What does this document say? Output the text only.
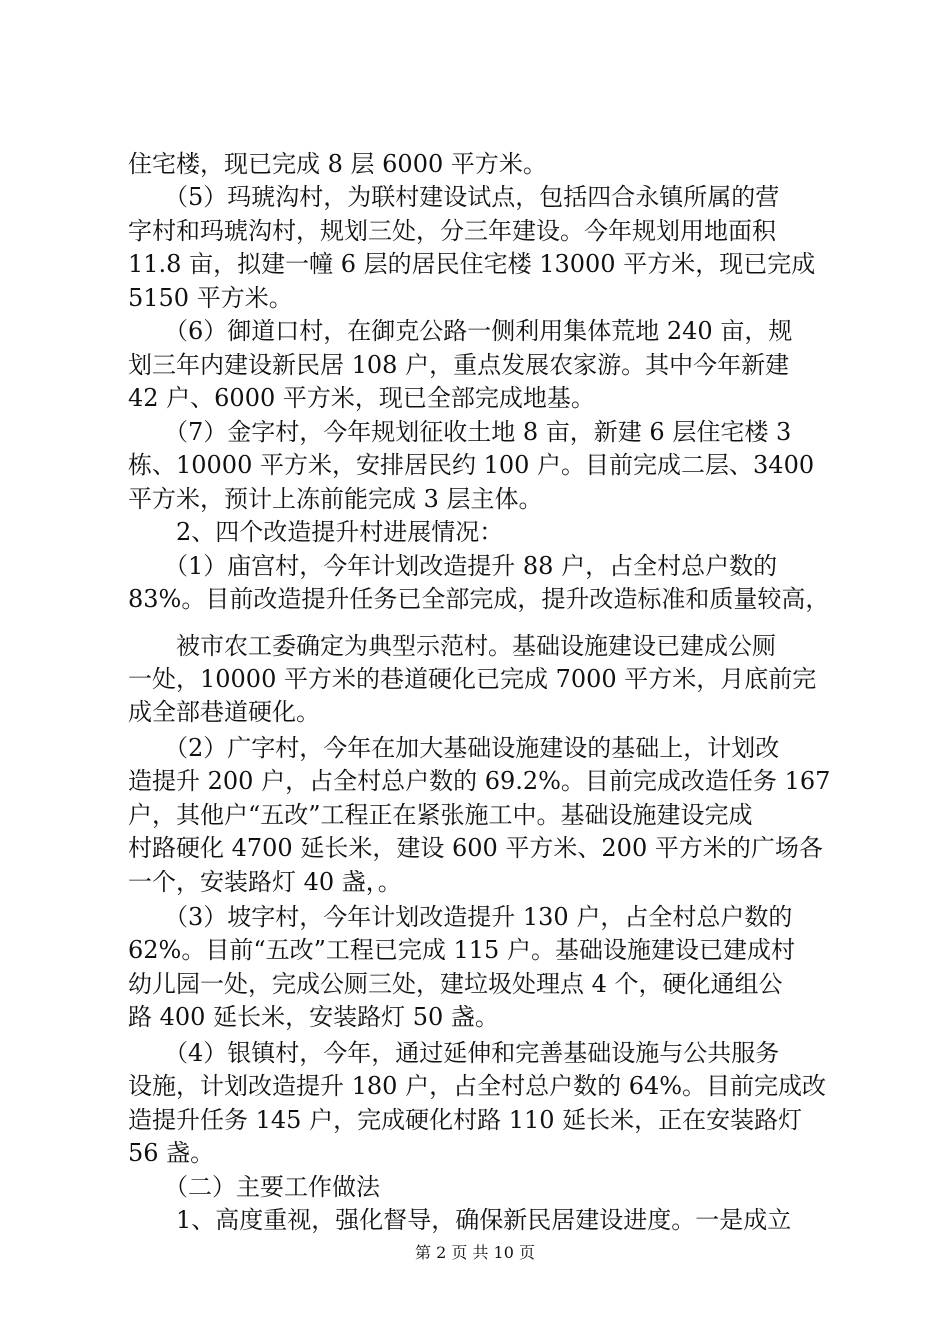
住宅楼，现已完成 8 层 6000 平方米。
　　（5）玛琥沟村，为联村建设试点，包括四合永镇所属的营
字村和玛琥沟村，规划三处，分三年建设。今年规划用地面积
11.8 亩，拟建一幢 6 层的居民住宅楼 13000 平方米，现已完成
5150 平方米。
　　（6）御道口村，在御克公路一侧利用集体荒地 240 亩，规
划三年内建设新民居 108 户，重点发展农家游。其中今年新建
42 户、6000 平方米，现已全部完成地基。
　　（7）金字村，今年规划征收土地 8 亩，新建 6 层住宅楼 3
栋、10000 平方米，安排居民约 100 户。目前完成二层、3400
平方米，预计上冻前能完成 3 层主体。
　　2、四个改造提升村进展情况：
　　（1）庙宫村，今年计划改造提升 88 户，占全村总户数的
83%。目前改造提升任务已全部完成，提升改造标准和质量较高，
　　被市农工委确定为典型示范村。基础设施建设已建成公厕
一处，10000 平方米的巷道硬化已完成 7000 平方米，月底前完
成全部巷道硬化。
　　（2）广字村，今年在加大基础设施建设的基础上，计划改
造提升 200 户，占全村总户数的 69.2%。目前完成改造任务 167
户，其他户“五改”工程正在紧张施工中。基础设施建设完成
村路硬化 4700 延长米，建设 600 平方米、200 平方米的广场各
一个，安装路灯 40 盏，。
　　（3）坡字村，今年计划改造提升 130 户，占全村总户数的
62%。目前“五改”工程已完成 115 户。基础设施建设已建成村
幼儿园一处，完成公厕三处，建垃圾处理点 4 个，硬化通组公
路 400 延长米，安装路灯 50 盏。
　　（4）银镇村，今年，通过延伸和完善基础设施与公共服务
设施，计划改造提升 180 户，占全村总户数的 64%。目前完成改
造提升任务 145 户，完成硬化村路 110 延长米，正在安装路灯
56 盏。
　　（二）主要工作做法
　　1、高度重视，强化督导，确保新民居建设进度。一是成立
第 2 页 共 10 页
